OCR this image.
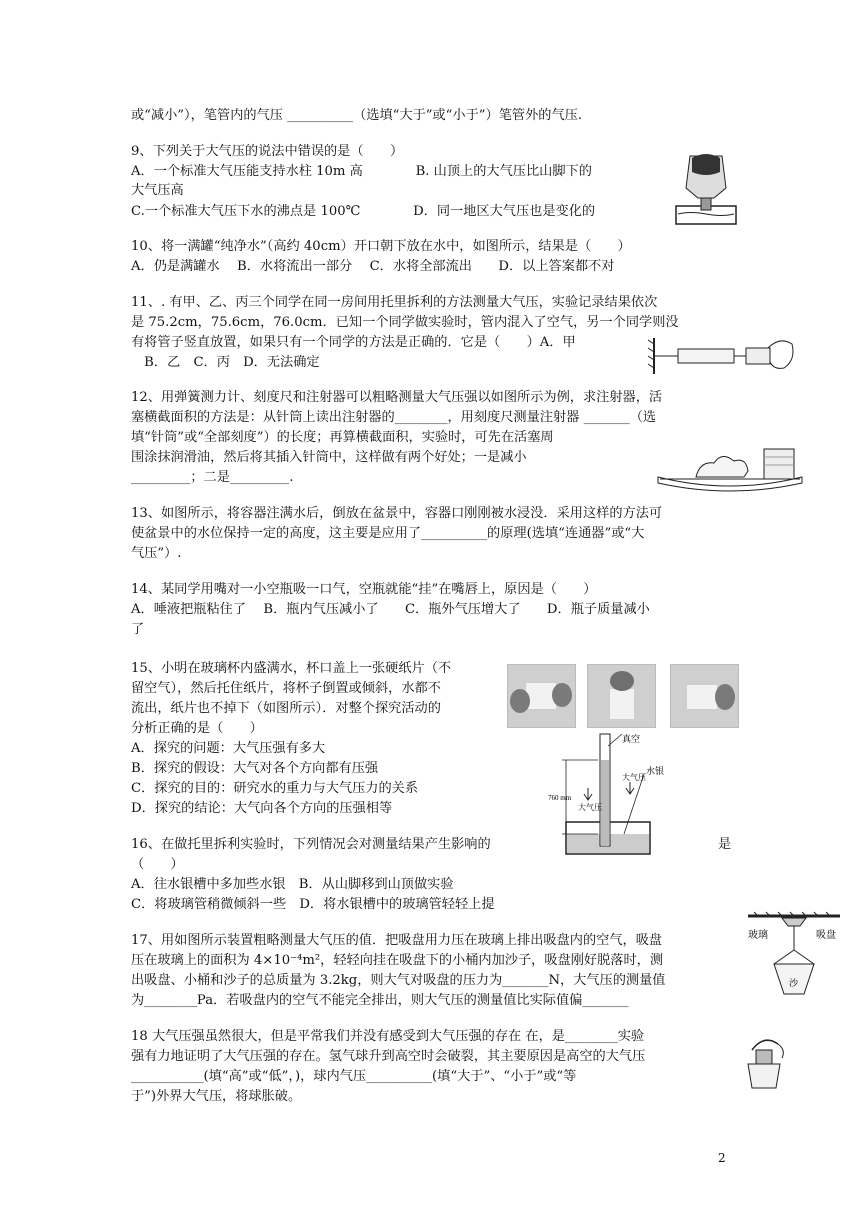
或“减小”），笔管内的气压 __________（选填“大于”或“小于”）笔管外的气压.
9、下列关于大气压的说法中错误的是（　　）
A．一个标准大气压能支持水柱 10m 高　　　　B. 山顶上的大气压比山脚下的
大气压高
C.一个标准大气压下水的沸点是 100℃　　　　D．同一地区大气压也是变化的
10、将一满罐“纯净水”（高约 40cm）开口朝下放在水中，如图所示，结果是（　　）
A．仍是满罐水　 B．水将流出一部分　 C．水将全部流出　　D．以上答案都不对
11、. 有甲、乙、丙三个同学在同一房间用托里拆利的方法测量大气压，实验记录结果依次
是 75.2cm，75.6cm，76.0cm．已知一个同学做实验时，管内混入了空气，另一个同学则没
有将管子竖直放置，如果只有一个同学的方法是正确的．它是（　　）A．甲
　B．乙　C．丙　D．无法确定
12、用弹簧测力计、刻度尺和注射器可以粗略测量大气压强以如图所示为例，求注射器，活
塞横截面积的方法是：从针筒上读出注射器的________，用刻度尺测量注射器 _______（选
填“针筒”或“全部刻度”）的长度；再算横截面积，实验时，可先在活塞周
围涂抹润滑油，然后将其插入针筒中，这样做有两个好处；一是减小
_________；二是_________.
13、如图所示，将容器注满水后，倒放在盆景中，容器口刚刚被水浸没．采用这样的方法可
使盆景中的水位保持一定的高度，这主要是应用了__________的原理(选填“连通器”或“大
气压”）.
14、某同学用嘴对一小空瓶吸一口气，空瓶就能“挂”在嘴唇上，原因是（　　）
A．唾液把瓶粘住了　 B．瓶内气压减小了　　C．瓶外气压增大了　　D．瓶子质量减小
了
15、小明在玻璃杯内盛满水，杯口盖上一张硬纸片（不
留空气），然后托住纸片，将杯子倒置或倾斜，水都不
流出，纸片也不掉下（如图所示）．对整个探究活动的
分析正确的是（　　）
A．探究的问题：大气压强有多大
B．探究的假设：大气对各个方向都有压强
C．探究的目的：研究水的重力与大气压力的关系
D．探究的结论：大气向各个方向的压强相等
16、在做托里拆利实验时，下列情况会对测量结果产生影响的	是
（　　）
A．往水银槽中多加些水银　B．从山脚移到山顶做实验
C．将玻璃管稍微倾斜一些　D．将水银槽中的玻璃管轻轻上提
17、用如图所示装置粗略测量大气压的值．把吸盘用力压在玻璃上排出吸盘内的空气，吸盘
压在玻璃上的面积为 4×10⁻⁴m²，轻轻向挂在吸盘下的小桶内加沙子，吸盘刚好脱落时，测
出吸盘、小桶和沙子的总质量为 3.2kg，则大气对吸盘的压力为_______N，大气压的测量值
为________Pa．若吸盘内的空气不能完全排出，则大气压的测量值比实际值偏_______
18 大气压强虽然很大，但是平常我们并没有感受到大气压强的存在 在，是________实验
强有力地证明了大气压强的存在。氢气球升到高空时会破裂，其主要原因是高空的大气压
___________(填“高”或“低”，)，球内气压__________(填“大于”、“小于”或“等
于”)外界大气压，将球胀破。
真空
760 mm
大气压
大气压
水银
玻璃	吸盘
沙
2
